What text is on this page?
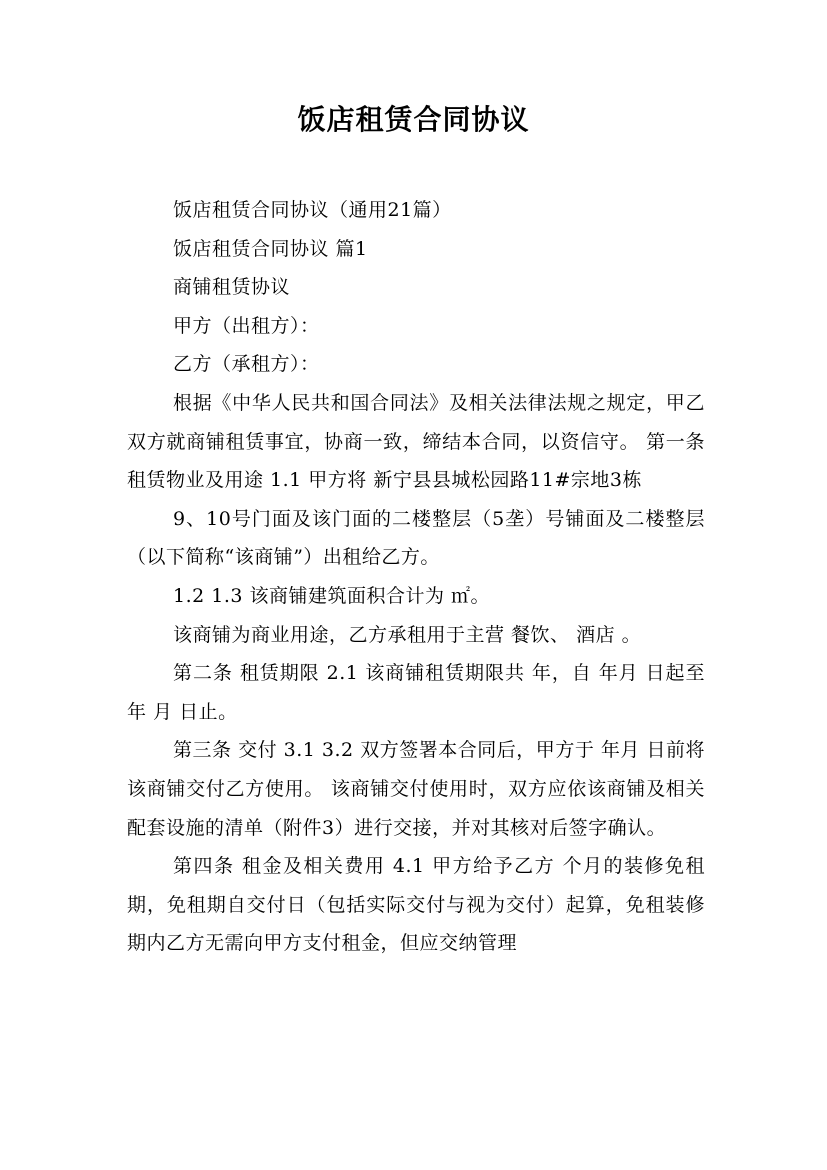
饭店租赁合同协议

饭店租赁合同协议（通用21篇）

饭店租赁合同协议 篇1

商铺租赁协议

甲方（出租方）：

乙方（承租方）：

根据《中华人民共和国合同法》及相关法律法规之规定，甲乙双方就商铺租赁事宜，协商一致，缔结本合同，以资信守。 第一条 租赁物业及用途 1.1 甲方将 新宁县县城松园路11#宗地3栋

9、10号门面及该门面的二楼整层（5垄）号铺面及二楼整层（以下简称“该商铺”）出租给乙方。

1.2 1.3 该商铺建筑面积合计为 ㎡。

该商铺为商业用途，乙方承租用于主营 餐饮、 酒店 。

第二条 租赁期限 2.1 该商铺租赁期限共 年，自 年月 日起至 年 月 日止。

第三条 交付 3.1 3.2 双方签署本合同后，甲方于 年月 日前将该商铺交付乙方使用。 该商铺交付使用时，双方应依该商铺及相关配套设施的清单（附件3）进行交接，并对其核对后签字确认。

第四条 租金及相关费用 4.1 甲方给予乙方 个月的装修免租期，免租期自交付日（包括实际交付与视为交付）起算，免租装修期内乙方无需向甲方支付租金，但应交纳管理
